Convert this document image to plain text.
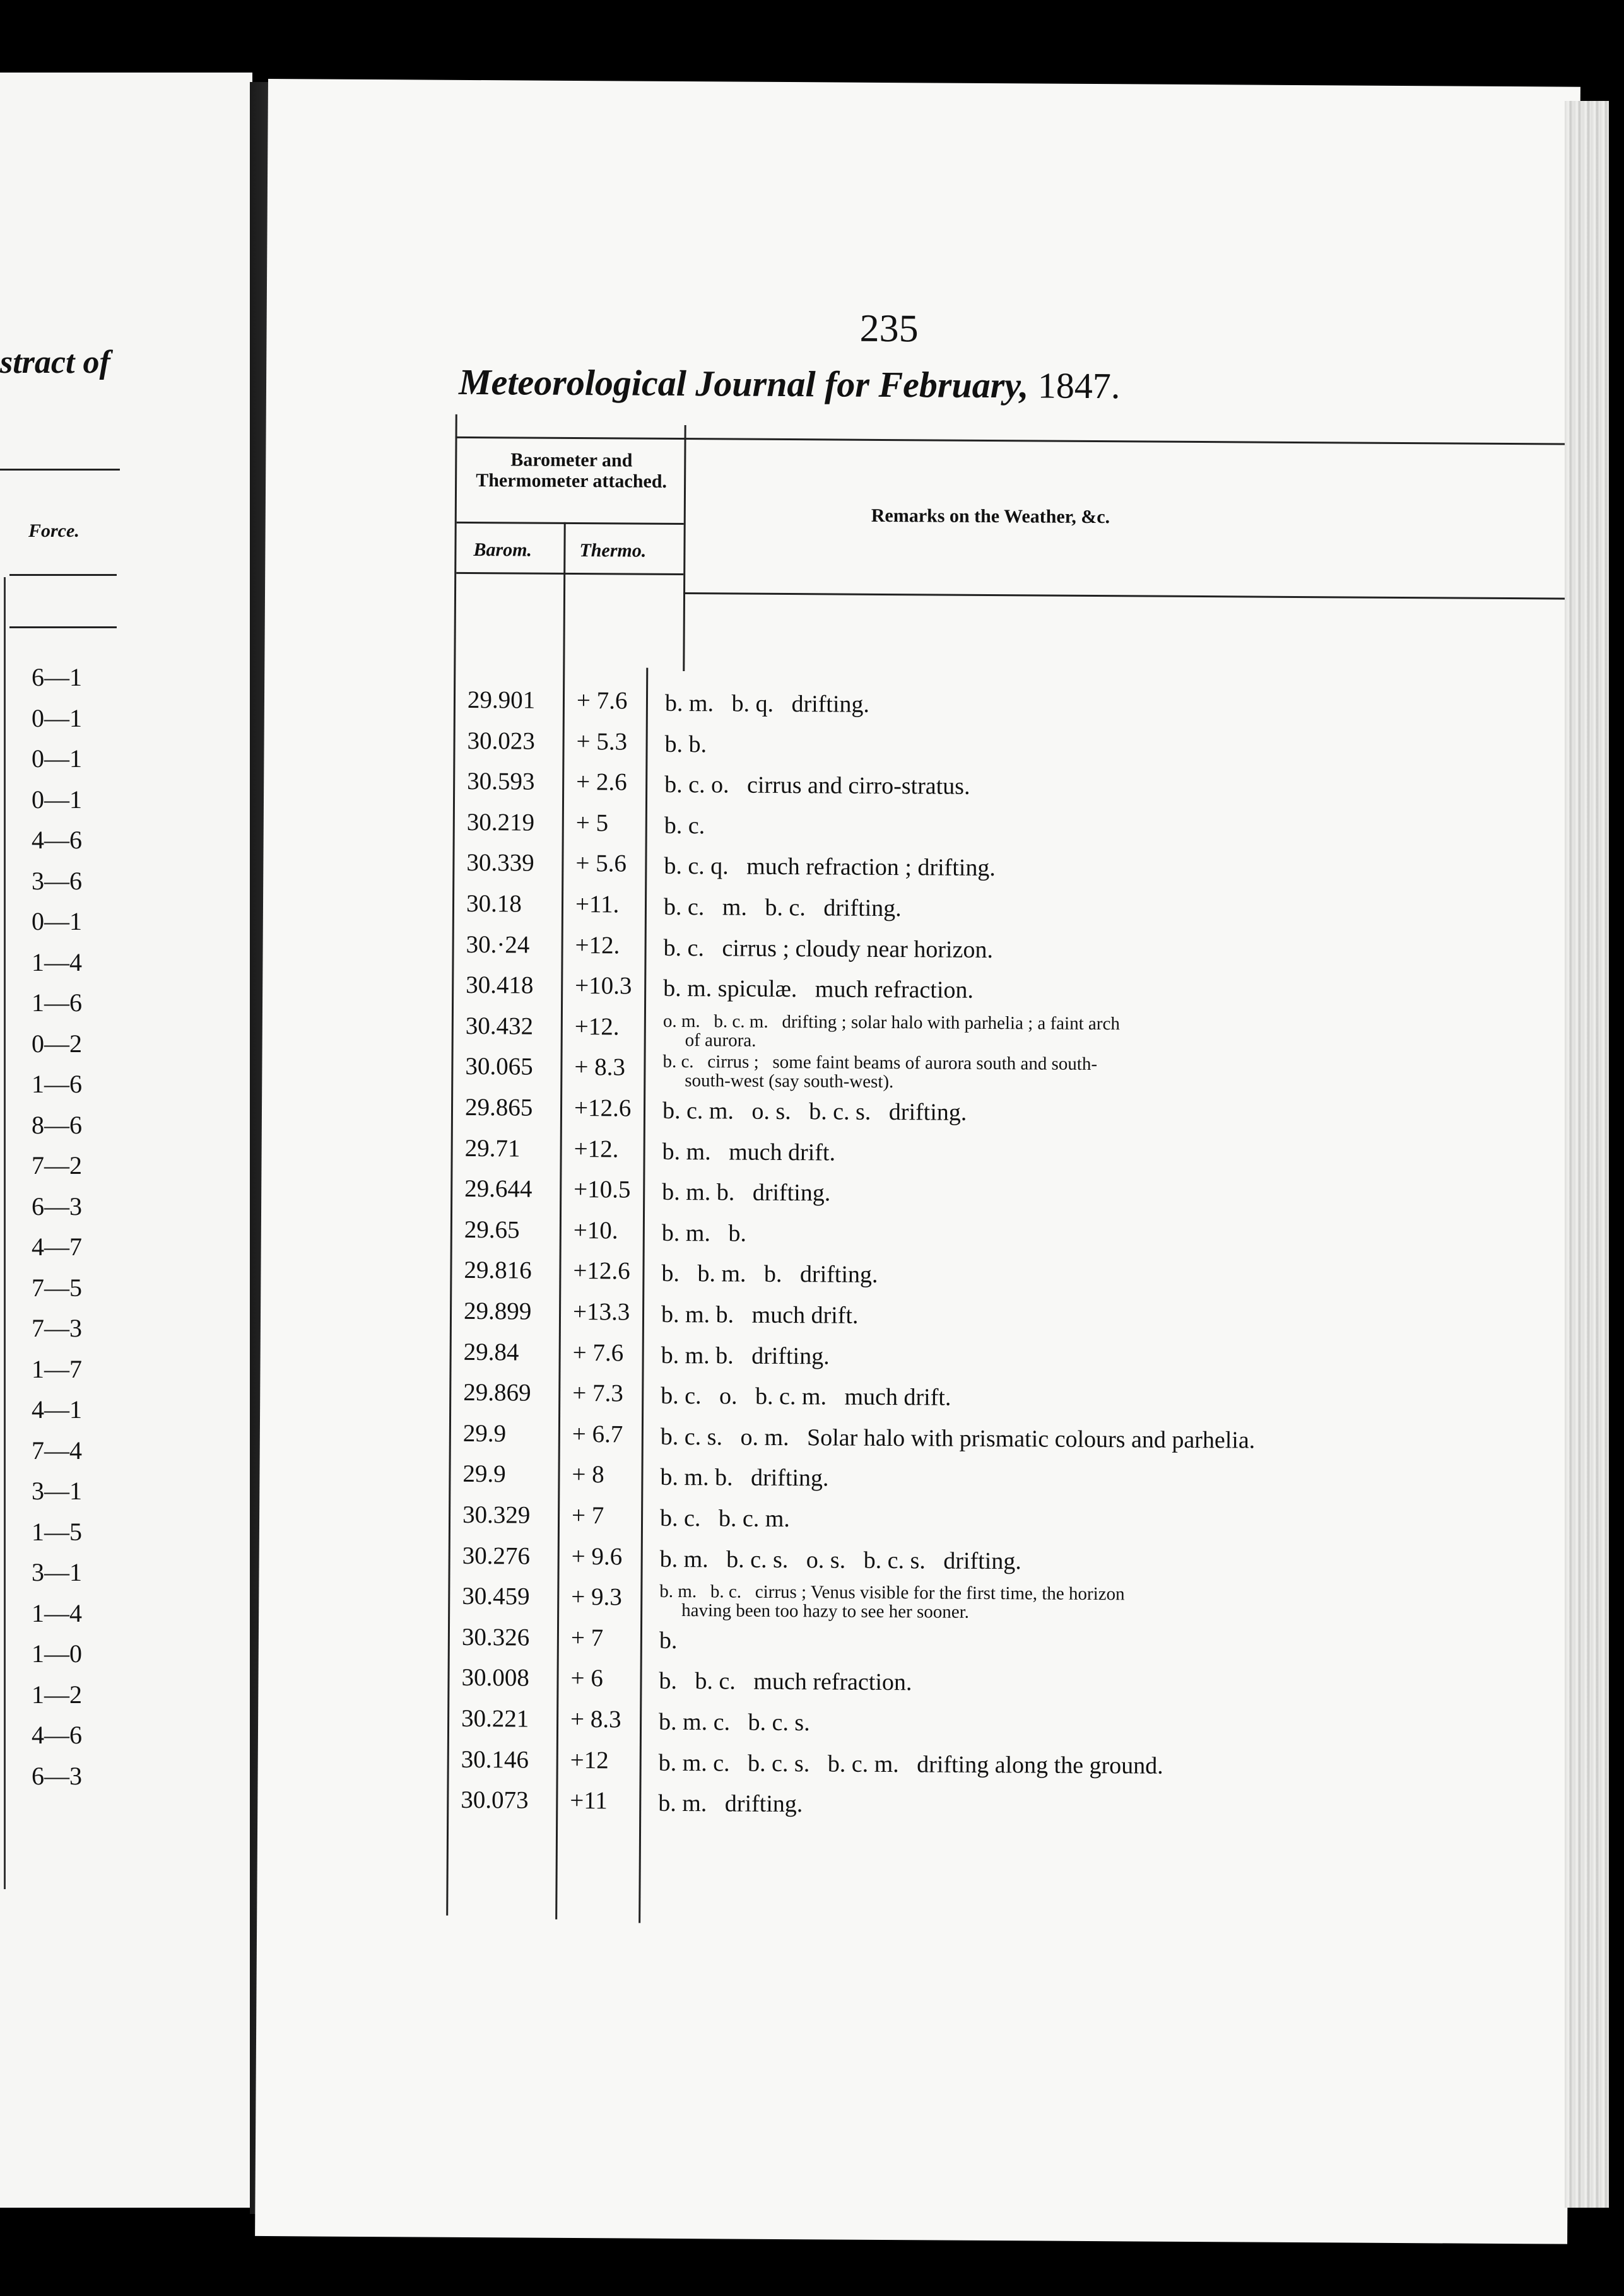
stract of
Force.
6—1
0—1
0—1
0—1
4—6
3—6
0—1
1—4
1—6
0—2
1—6
8—6
7—2
6—3
4—7
7—5
7—3
1—7
4—1
7—4
3—1
1—5
3—1
1—4
1—0
1—2
4—6
6—3
235
Meteorological Journal for February, 1847.
Barometer and Thermometer attached.
Remarks on the Weather, &c.
Barom.	Thermo.
29.901 + 7.6 b. m.   b. q.   drifting.
30.023 + 5.3 b. b.
30.593 + 2.6 b. c. o.   cirrus and cirro-stratus.
30.219 + 5 b. c.
30.339 + 5.6 b. c. q.   much refraction ; drifting.
30.18 +11. b. c.   m.   b. c.   drifting.
30.·24 +12. b. c.   cirrus ; cloudy near horizon.
30.418 +10.3 b. m. spiculæ.   much refraction.
30.432 +12. o. m.   b. c. m.   drifting ; solar halo with parhelia ; a faint arch
of aurora.
30.065 + 8.3 b. c.   cirrus ;   some faint beams of aurora south and south-
south-west (say south-west).
29.865 +12.6 b. c. m.   o. s.   b. c. s.   drifting.
29.71 +12. b. m.   much drift.
29.644 +10.5 b. m. b.   drifting.
29.65 +10. b. m.   b.
29.816 +12.6 b.   b. m.   b.   drifting.
29.899 +13.3 b. m. b.   much drift.
29.84 + 7.6 b. m. b.   drifting.
29.869 + 7.3 b. c.   o.   b. c. m.   much drift.
29.9	+ 6.7 b. c. s.   o. m.   Solar halo with prismatic colours and parhelia.
29.9	+ 8 b. m. b.   drifting.
30.329 + 7 b. c.   b. c. m.
30.276 + 9.6 b. m.   b. c. s.   o. s.   b. c. s.   drifting.
30.459 + 9.3 b. m.   b. c.   cirrus ; Venus visible for the first time, the horizon
having been too hazy to see her sooner.
30.326 + 7 b.
30.008 + 6 b.   b. c.   much refraction.
30.221 + 8.3 b. m. c.   b. c. s.
30.146 +12 b. m. c.   b. c. s.   b. c. m.   drifting along the ground.
30.073 +11 b. m.   drifting.
